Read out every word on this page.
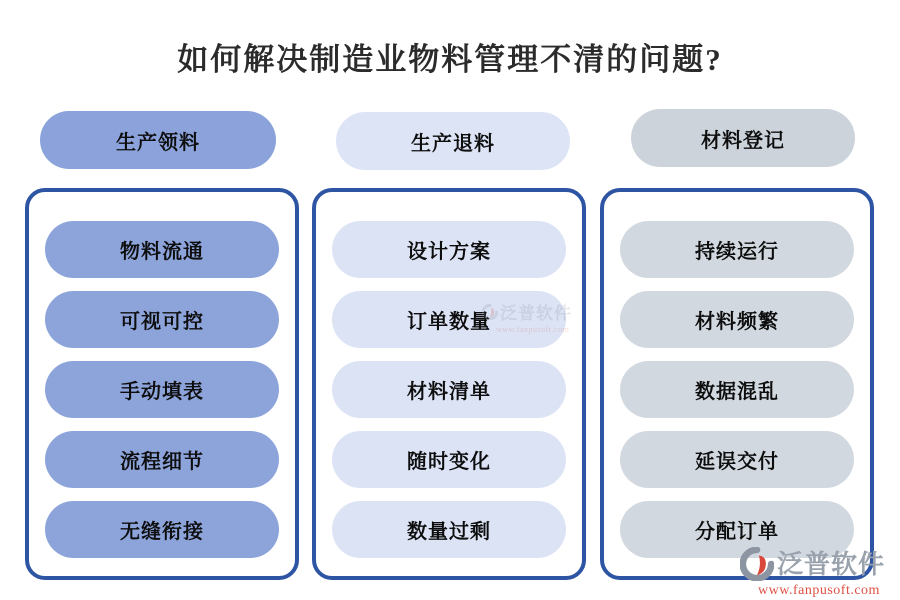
如何解决制造业物料管理不清的问题?
生产领料	生产退料	材料登记
物料流通
可视可控
手动填表
流程细节
无缝衔接
设计方案
订单数量
材料清单
随时变化
数量过剩
持续运行
材料频繁
数据混乱
延误交付
分配订单
泛普软件
www.fanpusoft.com
泛普软件
www.fanpusoft.com
